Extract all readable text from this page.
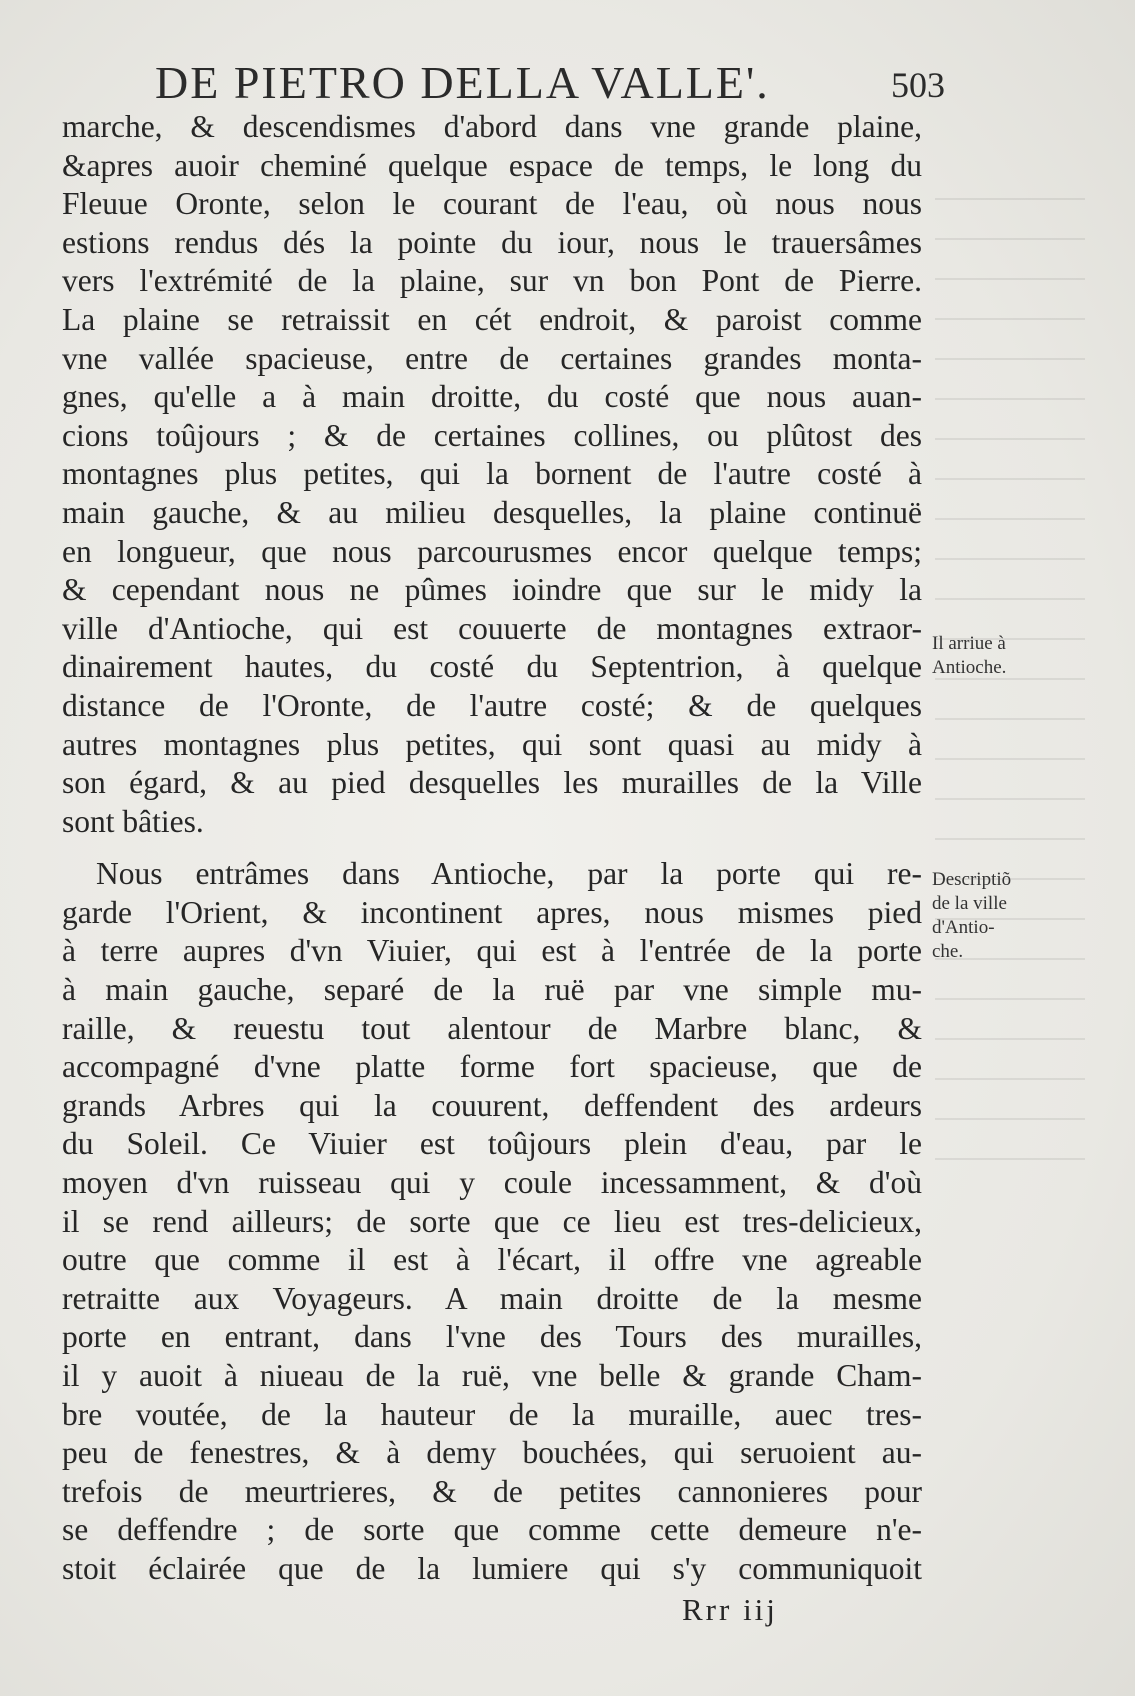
DE PIETRO DELLA VALLE'.	503
marche, & descendismes d'abord dans vne grande plaine,
&apres auoir cheminé quelque espace de temps, le long du
Fleuue Oronte, selon le courant de l'eau, où nous nous
estions rendus dés la pointe du iour, nous le trauersâmes
vers l'extrémité de la plaine, sur vn bon Pont de Pierre.
La plaine se retraissit en cét endroit, & paroist comme
vne vallée spacieuse, entre de certaines grandes monta-
gnes, qu'elle a à main droitte, du costé que nous auan-
cions toûjours ; & de certaines collines, ou plûtost des
montagnes plus petites, qui la bornent de l'autre costé à
main gauche, & au milieu desquelles, la plaine continuë
en longueur, que nous parcourusmes encor quelque temps;
& cependant nous ne pûmes ioindre que sur le midy la
ville d'Antioche, qui est couuerte de montagnes extraor-
dinairement hautes, du costé du Septentrion, à quelque
distance de l'Oronte, de l'autre costé; & de quelques
autres montagnes plus petites, qui sont quasi au midy à
son égard, & au pied desquelles les murailles de la Ville
sont bâties.
Nous entrâmes dans Antioche, par la porte qui re-
garde l'Orient, & incontinent apres, nous mismes pied
à terre aupres d'vn Viuier, qui est à l'entrée de la porte
à main gauche, separé de la ruë par vne simple mu-
raille, & reuestu tout alentour de Marbre blanc, &
accompagné d'vne platte forme fort spacieuse, que de
grands Arbres qui la couurent, deffendent des ardeurs
du Soleil. Ce Viuier est toûjours plein d'eau, par le
moyen d'vn ruisseau qui y coule incessamment, & d'où
il se rend ailleurs; de sorte que ce lieu est tres-delicieux,
outre que comme il est à l'écart, il offre vne agreable
retraitte aux Voyageurs. A main droitte de la mesme
porte en entrant, dans l'vne des Tours des murailles,
il y auoit à niueau de la ruë, vne belle & grande Cham-
bre voutée, de la hauteur de la muraille, auec tres-
peu de fenestres, & à demy bouchées, qui seruoient au-
trefois de meurtrieres, & de petites cannonieres pour
se deffendre ; de sorte que comme cette demeure n'e-
stoit éclairée que de la lumiere qui s'y communiquoit
Il arriue à
Antioche.
Descriptiõ
de la ville
d'Antio-
che.
Rrr iij
